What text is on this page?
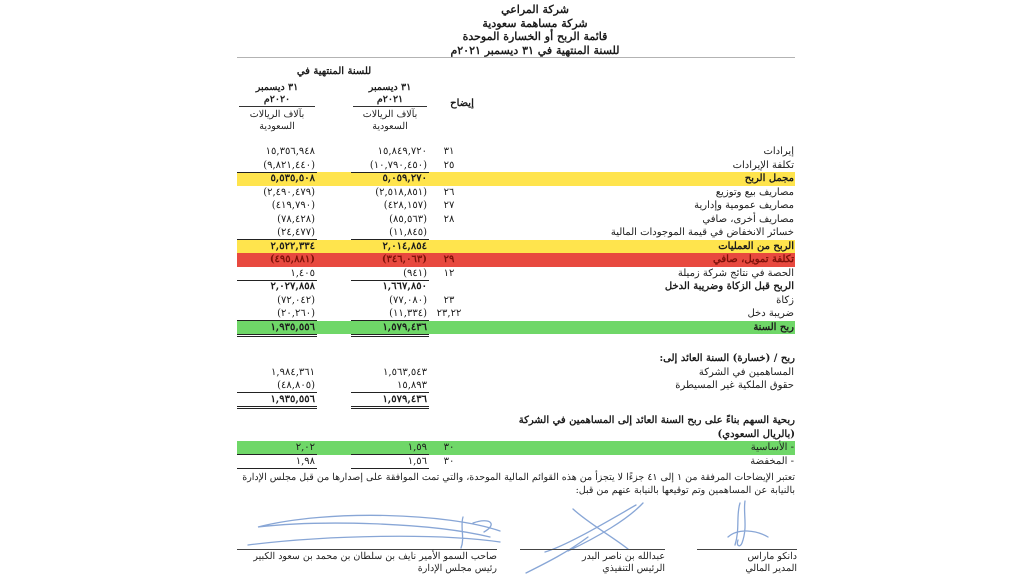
شركة المراعي
شركة مساهمة سعودية
قائمة الربح أو الخسارة الموحدة
للسنة المنتهية في ٣١ ديسمبر ٢٠٢١م
للسنة المنتهية في
٣١ ديسمبر
٢٠٢١م
بآلاف الريالات
السعودية
٣١ ديسمبر
٢٠٢٠م
بآلاف الريالات
السعودية
إيضاح
١٥,٣٥٦,٩٤٨	١٥,٨٤٩,٧٢٠	٣١	إيرادات
(٩,٨٢١,٤٤٠)	(١٠,٧٩٠,٤٥٠)	٢٥	تكلفة الإيرادات
٥,٥٣٥,٥٠٨	٥,٠٥٩,٢٧٠	مجمل الربح
(٢,٤٩٠,٤٧٩)	(٢,٥١٨,٨٥١)	٢٦	مصاريف بيع وتوزيع
(٤١٩,٧٩٠)	(٤٢٨,١٥٧)	٢٧	مصاريف عمومية وإدارية
(٧٨,٤٢٨)	(٨٥,٥٦٣)	٢٨	مصاريف أخرى، صافي
(٢٤,٤٧٧)	(١١,٨٤٥)	خسائر الانخفاض في قيمة الموجودات المالية
٢,٥٢٢,٣٣٤	٢,٠١٤,٨٥٤	الربح من العمليات
(٤٩٥,٨٨١)	(٣٤٦,٠٦٣)	٢٩	تكلفة تمويل، صافي
١,٤٠٥	(٩٤١)	١٢	الحصة في نتائج شركة زميلة
٢,٠٢٧,٨٥٨	١,٦٦٧,٨٥٠	الربح قبل الزكاة وضريبة الدخل
(٧٢,٠٤٢)	(٧٧,٠٨٠)	٢٣	زكاة
(٢٠,٢٦٠)	(١١,٣٣٤) ٢٣,٢٢	ضريبة دخل
١,٩٣٥,٥٥٦	١,٥٧٩,٤٣٦	ربح السنة
ربح / (خسارة) السنة العائد إلى:
١,٩٨٤,٣٦١	١,٥٦٣,٥٤٣	المساهمين في الشركة
(٤٨,٨٠٥)	١٥,٨٩٣	حقوق الملكية غير المسيطرة
١,٩٣٥,٥٥٦	١,٥٧٩,٤٣٦
ربحية السهم بناءً على ربح السنة العائد إلى المساهمين في الشركة
(بالريال السعودي)
٢,٠٢	١,٥٩	٣٠	- الأساسية
١,٩٨	١,٥٦	٣٠	- المخفضة
تعتبر الإيضاحات المرفقة من ١ إلى ٤١ جزءًا لا يتجزأ من هذه القوائم المالية الموحدة، والتي تمت الموافقة على إصدارها من قبل مجلس الإدارة
بالنيابة عن المساهمين وتم توقيعها بالنيابة عنهم من قبل:
صاحب السمو الأمير نايف بن سلطان بن محمد بن سعود الكبير
رئيس مجلس الإدارة
عبدالله بن ناصر البدر
الرئيس التنفيذي
دانكو ماراس
المدير المالي
